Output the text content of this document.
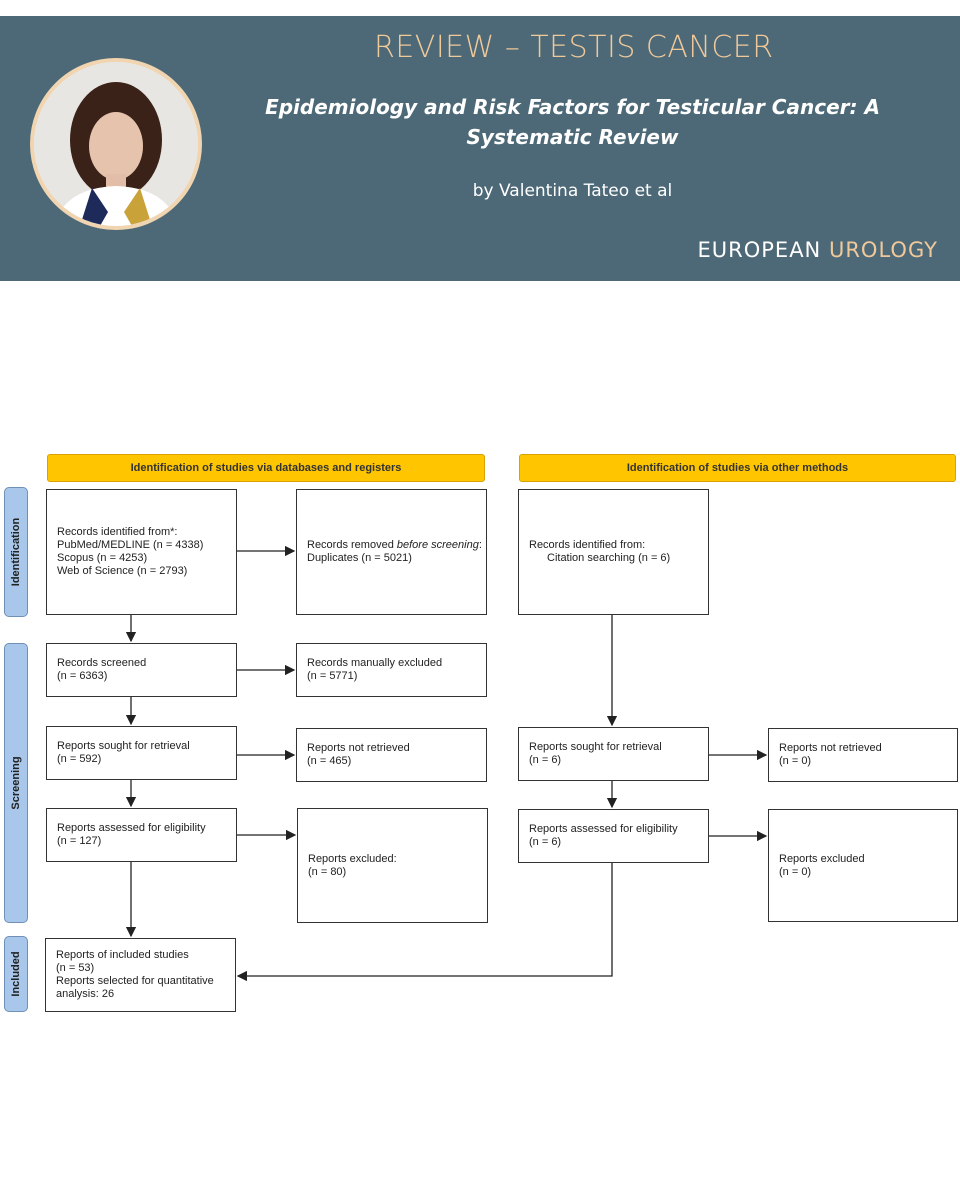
REVIEW – TESTIS CANCER
Epidemiology and Risk Factors for Testicular Cancer: A Systematic Review
by Valentina Tateo et al
EUROPEAN UROLOGY
Identification of studies via databases and registers	Identification of studies via other methods
Identification
Screening
Included
Records identified from*:
PubMed/MEDLINE (n = 4338)
Scopus (n = 4253)
Web of Science (n = 2793)
Records removed before screening:
Duplicates (n = 5021)
Records identified from:
Citation searching (n = 6)
Records screened
(n = 6363)
Records manually excluded
(n = 5771)
Reports sought for retrieval
(n = 592)
Reports not retrieved
(n = 465)
Reports sought for retrieval
(n = 6)
Reports not retrieved
(n = 0)
Reports assessed for eligibility
(n = 127)
Reports excluded:
(n = 80)
Reports assessed for eligibility
(n = 6)
Reports excluded
(n = 0)
Reports of included studies
(n = 53)
Reports selected for quantitative
analysis: 26
